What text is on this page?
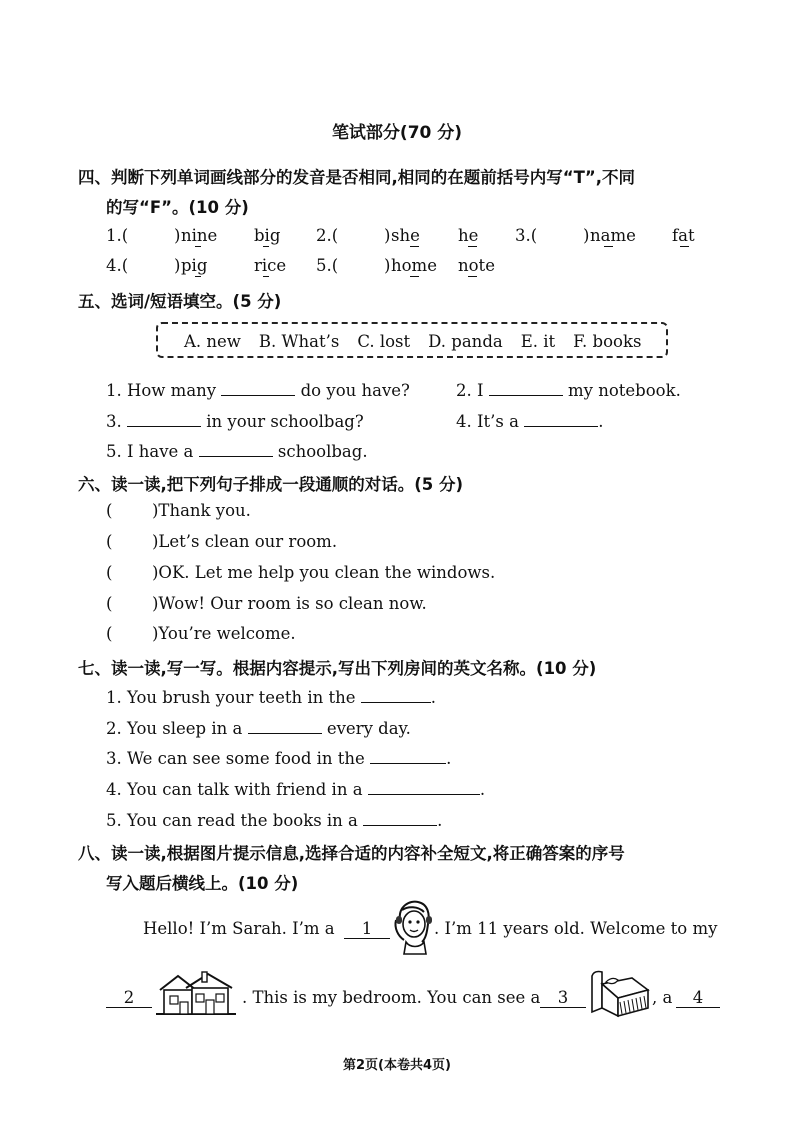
笔试部分(70 分)
四、判断下列单词画线部分的发音是否相同,相同的在题前括号内写“T”,不同
的写“F”。(10 分)
1.(	) nine big 2.(	) she he 3.(	) name fat
4.(	) pig	rice 5.(	) home note
五、选词/短语填空。(5 分)
A. new B. What’s C. lost D. panda E. it F. books
1. How many	do you have?	2. I	my notebook.
3.	in your schoolbag?	4. It’s a	.
5. I have a	schoolbag.
六、读一读,把下列句子排成一段通顺的对话。(5 分)
( )Thank you.
( )Let’s clean our room.
( )OK. Let me help you clean the windows.
( )Wow! Our room is so clean now.
( )You’re welcome.
七、读一读,写一写。根据内容提示,写出下列房间的英文名称。(10 分)
1. You brush your teeth in the	.
2. You sleep in a	every day.
3. We can see some food in the	.
4. You can talk with friend in a	.
5. You can read the books in a	.
八、读一读,根据图片提示信息,选择合适的内容补全短文,将正确答案的序号
写入题后横线上。(10 分)
Hello! I’m Sarah. I’m a	1	. I’m 11 years old. Welcome to my
2	. This is my bedroom. You can see a	3	, a	4
第2页(本卷共4页)
